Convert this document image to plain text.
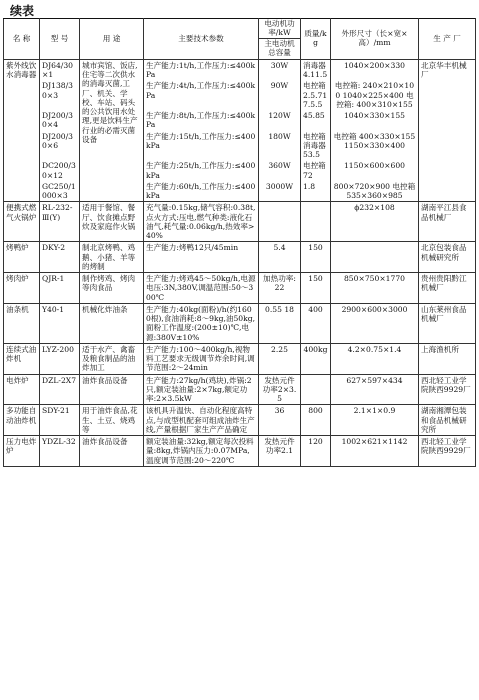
续表
名 称	型 号	用 途	主要技术参数	电动机功率/kW	质量/kg	外形尺寸（长×宽×高）/mm	生 产 厂
				主电动机总容量			
紫外线饮水消毒器	DJ64/30×1	城市宾馆、饭店,住宅等二次供水的消毒灭菌,工厂、机关、学校、车站、码头的公共饮用水处理,更是饮料生产行业的必需灭菌设备	生产能力:1t/h,工作压力:≤400kPa	30W	消毒器4.11.5	1040×200×330	北京华丰机械厂
	DJ138/30×3		生产能力:4t/h,工作压力:≤400kPa	90W	电控箱2.5.717.5.5	电控箱: 240×210×100 1040×225×400 电控箱: 400×310×155	
	DJ200/30×4		生产能力:8t/h,工作压力:≤400kPa	120W	45.85	1040×330×155	
	DJ200/30×6		生产能力:15t/h,工作压力:≤400kPa	180W	电控箱消毒器53.5	电控箱 400×330×155 1150×330×400	
	DC200/30×12		生产能力:25t/h,工作压力:≤400kPa	360W	电控箱72	1150×600×600	
	GC250/1000×3		生产能力:60t/h,工作压力:≤400kPa	3000W	1.8	800×720×900 电控箱 535×360×985	
便携式燃气火锅炉	RL-232-Ⅲ(Y)	适用于餐馆、餐厅、饮食摊点野炊及家庭作火锅	充气量:0.15kg,储气容积:0.38t,点火方式:压电,燃气种类:液化石油气,耗气量:0.06kg/h,热效率>40%			ϕ232×108	湖南平江县食品机械厂
烤鸭炉	DKY-2	制北京烤鸭、鸡鹅、小猪、羊等的烤制	生产能力:烤鸭12只/45min	5.4	150		北京包装食品机械研究所
烤肉炉	QJR-1	制作烤鸡、烤肉等肉食品	生产能力:烤鸡45～50kg/h,电源电压:3N,380V,调温范围:50～300℃	加热功率:22	150	850×750×1770	贵州贵阳黔江机械厂
油条机	Y40-1	机械化炸油条	生产能力:40kg(面粉)/h(约1600根),食油消耗:8～9kg,油50kg,面粉工作温度:(200±10)℃,电源:380V±10%	0.55 18	400	2900×600×3000	山东莱州食品机械厂
连续式油炸机	LYZ-200	适于水产、禽畜及粮食制品的油炸加工	生产能力:100～400kg/h,视物料工艺要求无级调节炸余时间,调节范围:2～24min	2.25	400kg	4.2×0.75×1.4	上海渔机所
电炸炉	DZL-2X7	油炸食品设备	生产能力:27kg/h(鸡块),炸锅:2只,额定装油量:2×7kg,额定功率:2×3.5kW	发热元件功率2×3.5		627×597×434	西北轻工业学院陕西9929厂
多功能自动油炸机	SDY-21	用于油炸食品,花生、土豆、烧鸡等	该机具升温快、自动化程度高特点,与成型机配套可组成油炸生产线,产量根据厂家生产产品确定	36	800	2.1×1×0.9	湖南湘潭包装和食品机械研究所
压力电炸炉	YDZL-32	油炸食品设备	额定装油量:32kg,额定每次投料量:8kg,炸锅内压力:0.07MPa,温度调节范围:20～220℃	发热元件功率2.1	120	1002×621×1142	西北轻工业学院陕西9929厂
